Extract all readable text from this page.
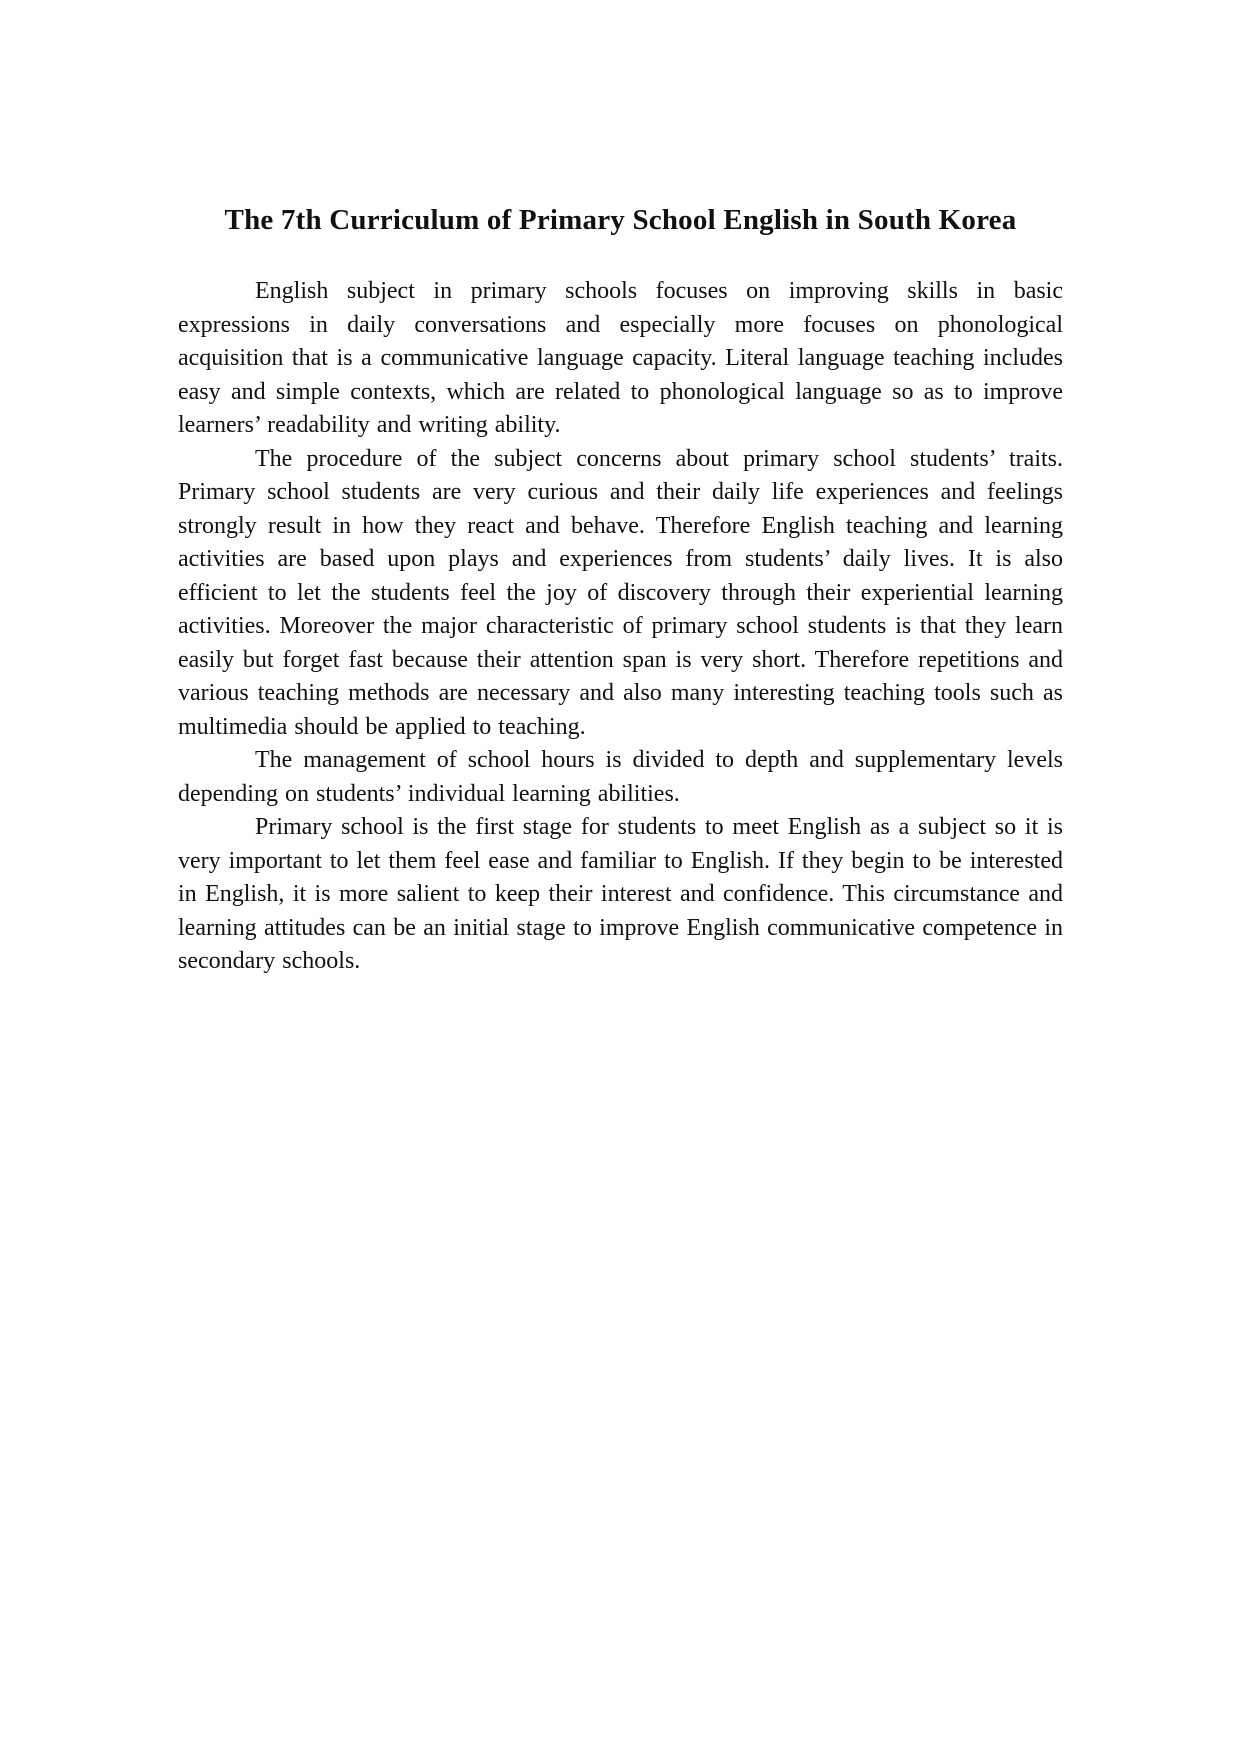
The 7th Curriculum of Primary School English in South Korea

English subject in primary schools focuses on improving skills in basic expressions in daily conversations and especially more focuses on phonological acquisition that is a communicative language capacity. Literal language teaching includes easy and simple contexts, which are related to phonological language so as to improve learners’ readability and writing ability.

The procedure of the subject concerns about primary school students’ traits. Primary school students are very curious and their daily life experiences and feelings strongly result in how they react and behave. Therefore English teaching and learning activities are based upon plays and experiences from students’ daily lives. It is also efficient to let the students feel the joy of discovery through their experiential learning activities. Moreover the major characteristic of primary school students is that they learn easily but forget fast because their attention span is very short. Therefore repetitions and various teaching methods are necessary and also many interesting teaching tools such as multimedia should be applied to teaching.

The management of school hours is divided to depth and supplementary levels depending on students’ individual learning abilities.

Primary school is the first stage for students to meet English as a subject so it is very important to let them feel ease and familiar to English. If they begin to be interested in English, it is more salient to keep their interest and confidence. This circumstance and learning attitudes can be an initial stage to improve English communicative competence in secondary schools.
